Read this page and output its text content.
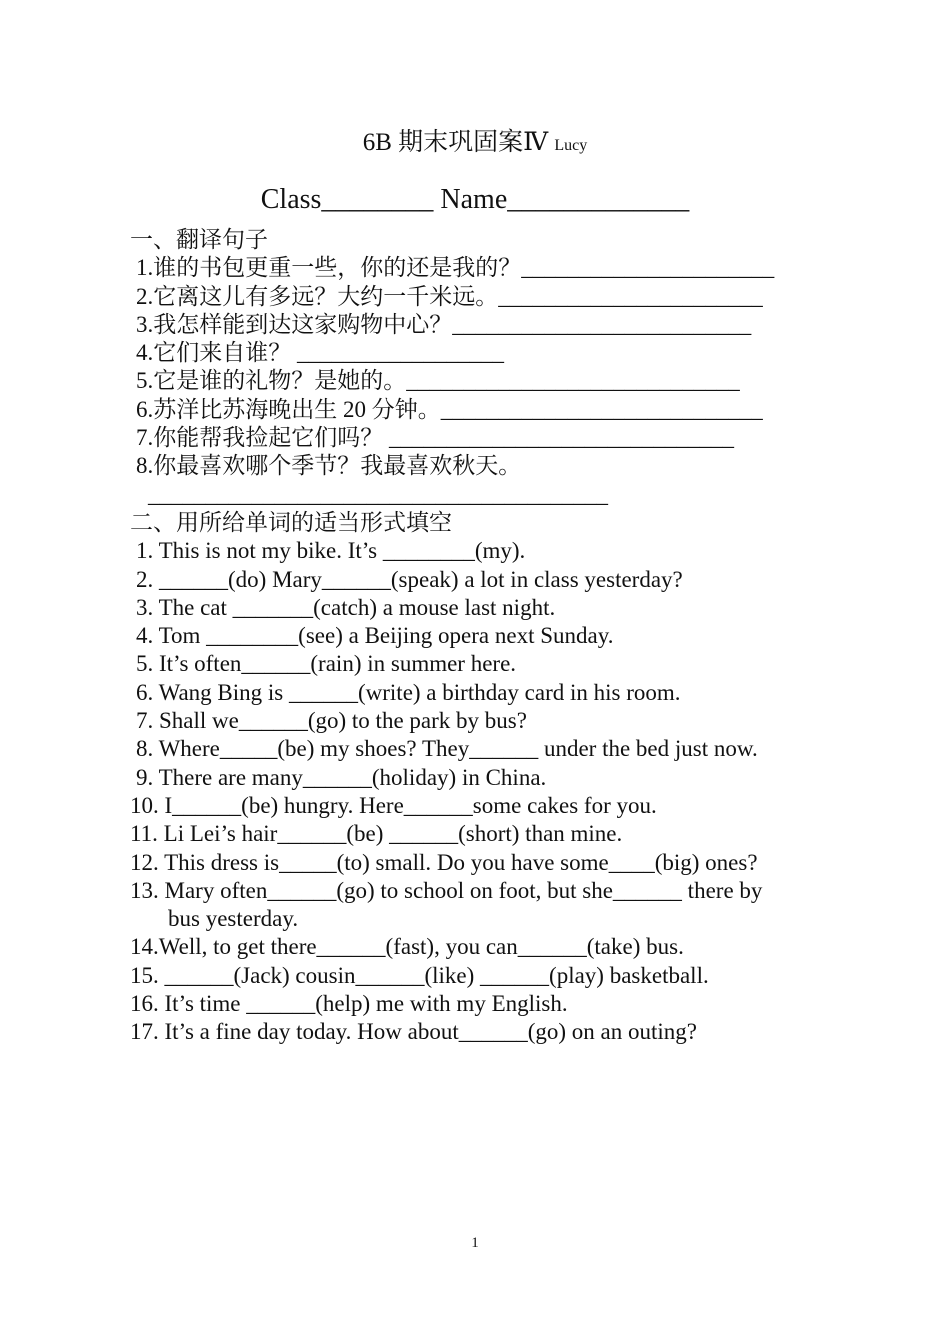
6B 期末巩固案Ⅳ Lucy
Class________ Name_____________
一、翻译句子
1.谁的书包更重一些，你的还是我的？______________________
2.它离这儿有多远？大约一千米远。_______________________
3.我怎样能到达这家购物中心？__________________________
4.它们来自谁？ __________________
5.它是谁的礼物？是她的。_____________________________
6.苏洋比苏海晚出生 20 分钟。____________________________
7.你能帮我捡起它们吗？ ______________________________
8.你最喜欢哪个季节？我最喜欢秋天。
________________________________________
二、用所给单词的适当形式填空
1. This is not my bike. It’s ________(my).
2. ______(do) Mary______(speak) a lot in class yesterday?
3. The cat _______(catch) a mouse last night.
4. Tom ________(see) a Beijing opera next Sunday.
5. It’s often______(rain) in summer here.
6. Wang Bing is ______(write) a birthday card in his room.
7. Shall we______(go) to the park by bus?
8. Where_____(be) my shoes? They______ under the bed just now.
9. There are many______(holiday) in China.
10. I______(be) hungry. Here______some cakes for you.
11. Li Lei’s hair______(be) ______(short) than mine.
12. This dress is_____(to) small. Do you have some____(big) ones?
13. Mary often______(go) to school on foot, but she______ there by
bus yesterday.
14.Well, to get there______(fast), you can______(take) bus.
15. ______(Jack) cousin______(like) ______(play) basketball.
16. It’s time ______(help) me with my English.
17. It’s a fine day today. How about______(go) on an outing?
1
